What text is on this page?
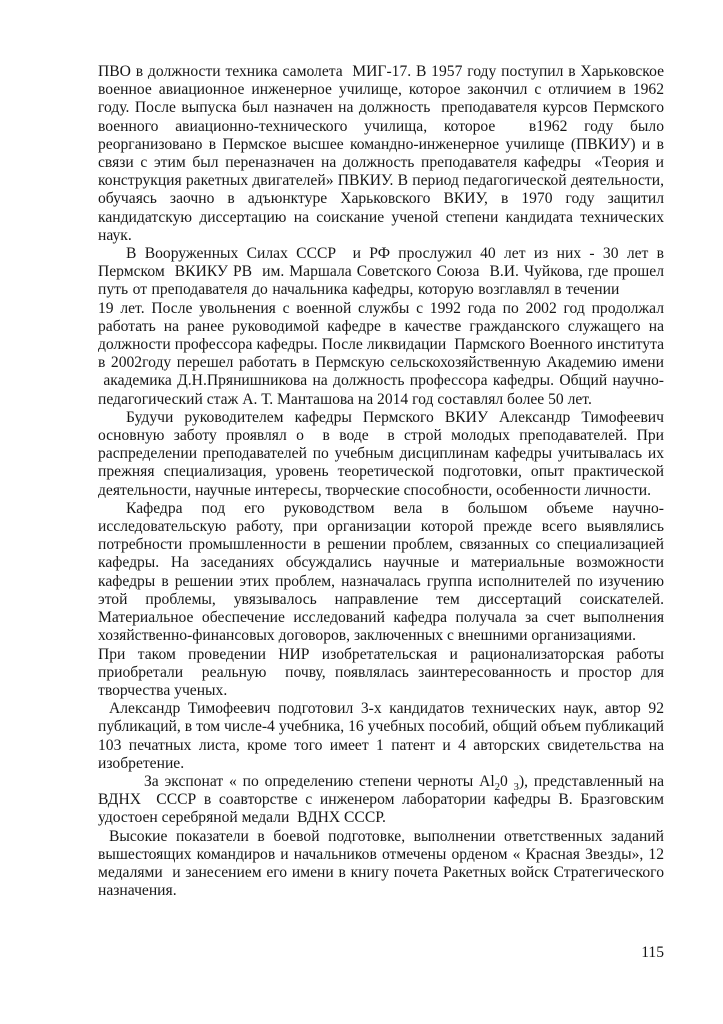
ПВО в должности техника самолета  МИГ-17. В 1957 году поступил в Харьковское военное авиационное инженерное училище, которое закончил с отличием в 1962 году. После выпуска был назначен на должность  преподавателя курсов Пермского военного авиационно-технического училища, которое  в1962 году было реорганизовано в Пермское высшее командно-инженерное училище (ПВКИУ) и в связи с этим был переназначен на должность преподавателя кафедры  «Теория и конструкция ракетных двигателей» ПВКИУ. В период педагогической деятельности, обучаясь заочно в адъюнктуре Харьковского ВКИУ, в 1970 году защитил кандидатскую диссертацию на соискание ученой степени кандидата технических наук.

В Вооруженных Силах СССР  и РФ прослужил 40 лет из них - 30 лет в Пермском  ВКИКУ РВ  им. Маршала Советского Союза  В.И. Чуйкова, где прошел путь от преподавателя до начальника кафедры, которую возглавлял в течении           19 лет. После увольнения с военной службы с 1992 года по 2002 год продолжал работать на ранее руководимой кафедре в качестве гражданского служащего на должности профессора кафедры. После ликвидации  Пармского Военного института в 2002году перешел работать в Пермскую сельскохозяйственную Академию имени  академика Д.Н.Прянишникова на должность профессора кафедры. Общий научно- педагогический стаж А. Т. Манташова на 2014 год составлял более 50 лет.

Будучи руководителем кафедры Пермского ВКИУ Александр Тимофеевич основную заботу проявлял о  в воде  в строй молодых преподавателей. При распределении преподавателей по учебным дисциплинам кафедры учитывалась их прежняя специализация, уровень теоретической подготовки, опыт практической деятельности, научные интересы, творческие способности, особенности личности.

Кафедра под его руководством вела в большом объеме научно-исследовательскую работу, при организации которой прежде всего выявлялись потребности промышленности в решении проблем, связанных со специализацией кафедры. На заседаниях обсуждались научные и материальные возможности кафедры в решении этих проблем, назначалась группа исполнителей по изучению этой проблемы, увязывалось направление тем диссертаций соискателей. Материальное обеспечение исследований кафедра получала за счет выполнения хозяйственно-финансовых договоров, заключенных с внешними организациями.

При таком проведении НИР изобретательская и рационализаторская работы приобретали  реальную  почву, появлялась заинтересованность и простор для творчества ученых.

Александр Тимофеевич подготовил 3-х кандидатов технических наук, автор 92 публикаций, в том числе-4 учебника, 16 учебных пособий, общий объем публикаций 103 печатных листа, кроме того имеет 1 патент и 4 авторских свидетельства на изобретение.

За экспонат « по определению степени черноты $Al_20$ $_3$), представленный на ВДНХ  СССР в соавторстве с инженером лаборатории кафедры В. Бразговским удостоен серебряной медали  ВДНХ СССР.

Высокие показатели в боевой подготовке, выполнении ответственных заданий вышестоящих командиров и начальников отмечены орденом « Красная Звезды», 12 медалями  и занесением его имени в книгу почета Ракетных войск Стратегического назначения.

115
